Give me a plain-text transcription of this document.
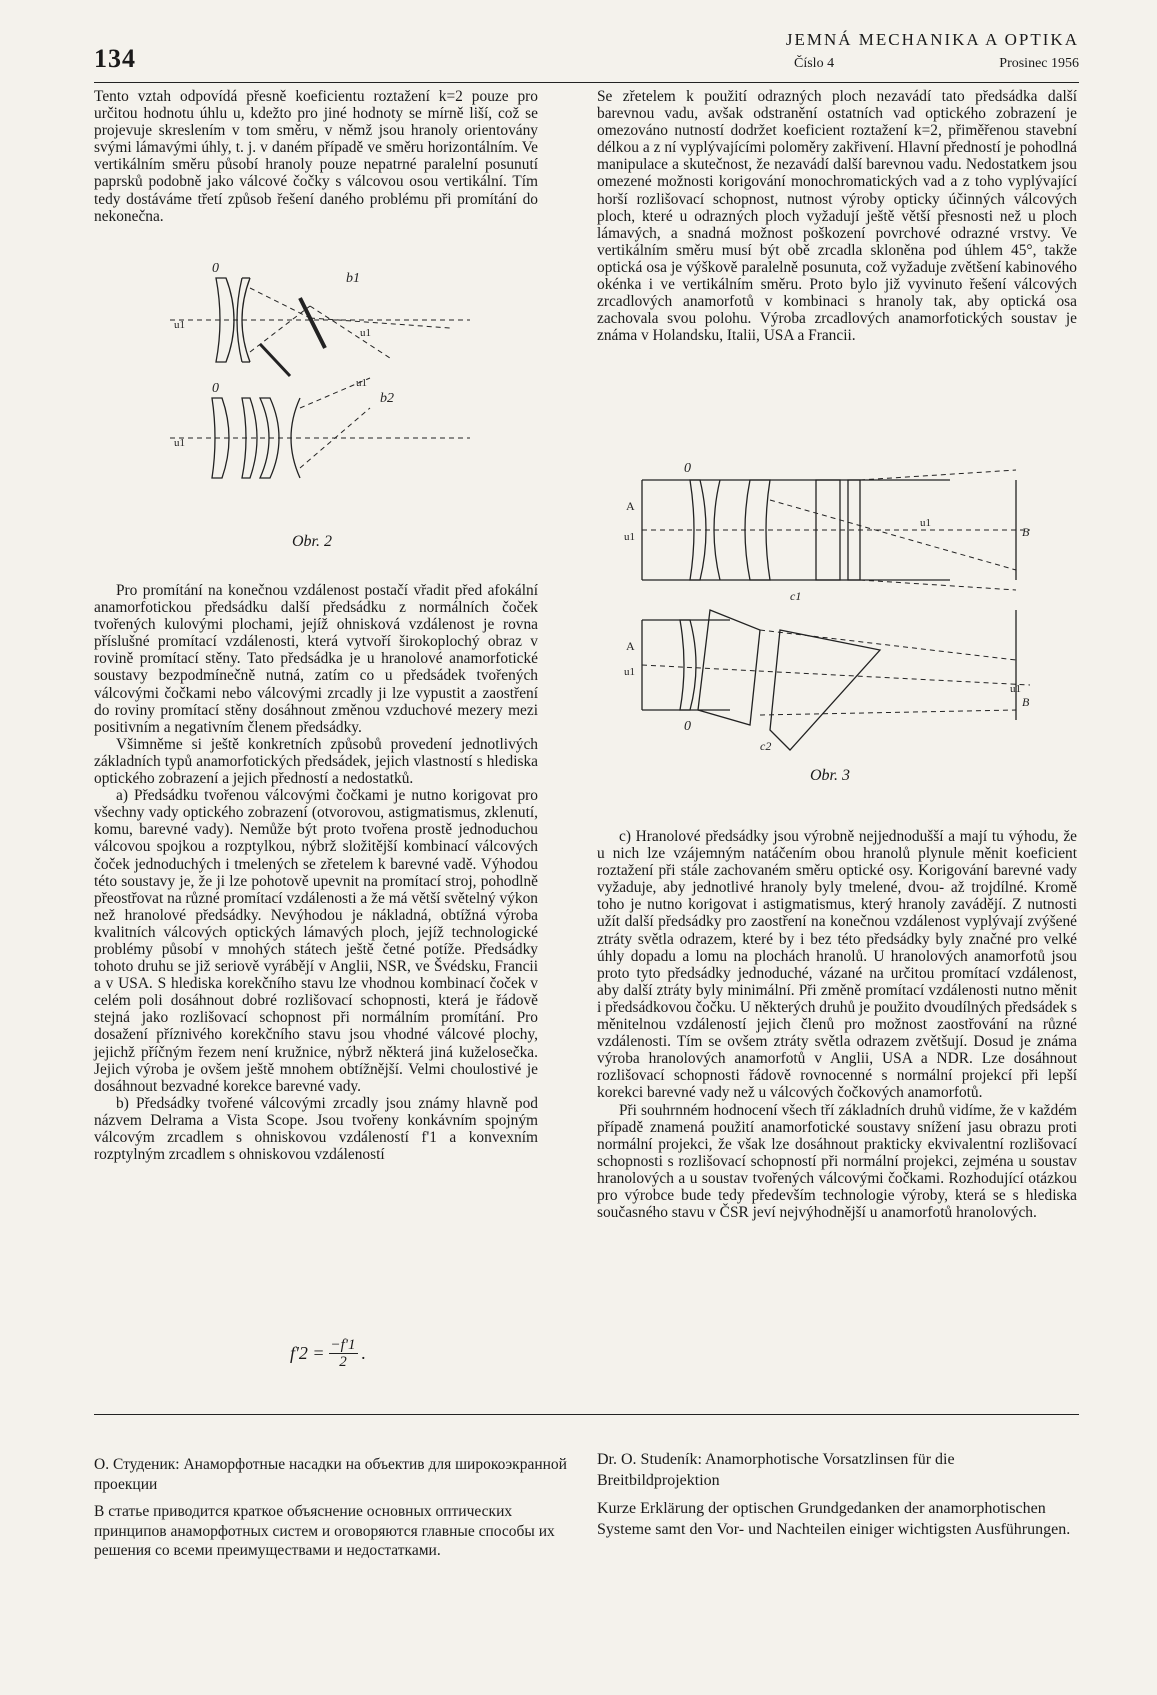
134
JEMNÁ MECHANIKA A OPTIKA
Číslo 4	Prosinec 1956

Tento vztah odpovídá přesně koeficientu roztažení k=2 pouze pro určitou hodnotu úhlu u, kdežto pro jiné hodnoty se mírně liší, což se projevuje skreslením v tom směru, v němž jsou hranoly orientovány svými lámavými úhly, t. j. v daném případě ve směru horizontálním. Ve vertikálním směru působí hranoly pouze nepatrné paralelní posunutí paprsků podobně jako válcové čočky s válcovou osou vertikální. Tím tedy dostáváme třetí způsob řešení daného problému při promítání do nekonečna.

0
b1
u1
u1
0	u1
b2
u1
Obr. 2

Pro promítání na konečnou vzdálenost postačí vřadit před afokální anamorfotickou předsádku další předsádku z normálních čoček tvořených kulovými plochami, jejíž ohnisková vzdálenost je rovna příslušné promítací vzdálenosti, která vytvoří širokoplochý obraz v rovině promítací stěny. Tato předsádka je u hranolové anamorfotické soustavy bezpodmínečně nutná, zatím co u předsádek tvořených válcovými čočkami nebo válcovými zrcadly ji lze vypustit a zaostření do roviny promítací stěny dosáhnout změnou vzduchové mezery mezi positivním a negativním členem předsádky.

Všimněme si ještě konkretních způsobů provedení jednotlivých základních typů anamorfotických předsádek, jejich vlastností s hlediska optického zobrazení a jejich předností a nedostatků.

a) Předsádku tvořenou válcovými čočkami je nutno korigovat pro všechny vady optického zobrazení (otvorovou, astigmatismus, zklenutí, komu, barevné vady). Nemůže být proto tvořena prostě jednoduchou válcovou spojkou a rozptylkou, nýbrž složitější kombinací válcových čoček jednoduchých i tmelených se zřetelem k barevné vadě. Výhodou této soustavy je, že ji lze pohotově upevnit na promítací stroj, pohodlně přeostřovat na různé promítací vzdálenosti a že má větší světelný výkon než hranolové předsádky. Nevýhodou je nákladná, obtížná výroba kvalitních válcových optických lámavých ploch, jejíž technologické problémy působí v mnohých státech ještě četné potíže. Předsádky tohoto druhu se již seriově vyrábějí v Anglii, NSR, ve Švédsku, Francii a v USA. S hlediska korekčního stavu lze vhodnou kombinací čoček v celém poli dosáhnout dobré rozlišovací schopnosti, která je řádově stejná jako rozlišovací schopnost při normálním promítání. Pro dosažení příznivého korekčního stavu jsou vhodné válcové plochy, jejichž příčným řezem není kružnice, nýbrž některá jiná kuželosečka. Jejich výroba je ovšem ještě mnohem obtížnější. Velmi choulostivé je dosáhnout bezvadné korekce barevné vady.

b) Předsádky tvořené válcovými zrcadly jsou známy hlavně pod názvem Delrama a Vista Scope. Jsou tvořeny konkávním spojným válcovým zrcadlem s ohniskovou vzdáleností f'1 a konvexním rozptylným zrcadlem s ohniskovou vzdáleností

$f'2 = \frac{-f'1}{2}$ .

Se zřetelem k použití odrazných ploch nezavádí tato předsádka další barevnou vadu, avšak odstranění ostatních vad optického zobrazení je omezováno nutností dodržet koeficient roztažení k=2, přiměřenou stavební délkou a z ní vyplývajícími poloměry zakřivení. Hlavní předností je pohodlná manipulace a skutečnost, že nezavádí další barevnou vadu. Nedostatkem jsou omezené možnosti korigování monochromatických vad a z toho vyplývající horší rozlišovací schopnost, nutnost výroby opticky účinných válcových ploch, které u odrazných ploch vyžadují ještě větší přesnosti než u ploch lámavých, a snadná možnost poškození povrchové odrazné vrstvy. Ve vertikálním směru musí být obě zrcadla skloněna pod úhlem 45°, takže optická osa je výškově paralelně posunuta, což vyžaduje zvětšení kabinového okénka i ve vertikálním směru. Proto bylo již vyvinuto řešení válcových zrcadlových anamorfotů v kombinaci s hranoly tak, aby optická osa zachovala svou polohu. Výroba zrcadlových anamorfotických soustav je známa v Holandsku, Italii, USA a Francii.

0
A
u1
c1
u1
B
A
u1
0
c2
u1
B
Obr. 3

c) Hranolové předsádky jsou výrobně nejjednodušší a mají tu výhodu, že u nich lze vzájemným natáčením obou hranolů plynule měnit koeficient roztažení při stále zachovaném směru optické osy. Korigování barevné vady vyžaduje, aby jednotlivé hranoly byly tmelené, dvou- až trojdílné. Kromě toho je nutno korigovat i astigmatismus, který hranoly zavádějí. Z nutnosti užít další předsádky pro zaostření na konečnou vzdálenost vyplývají zvýšené ztráty světla odrazem, které by i bez této předsádky byly značné pro velké úhly dopadu a lomu na plochách hranolů. U hranolových anamorfotů jsou proto tyto předsádky jednoduché, vázané na určitou promítací vzdálenost, aby další ztráty byly minimální. Při změně promítací vzdálenosti nutno měnit i předsádkovou čočku. U některých druhů je použito dvoudílných předsádek s měnitelnou vzdáleností jejich členů pro možnost zaostřování na různé vzdálenosti. Tím se ovšem ztráty světla odrazem zvětšují. Dosud je známa výroba hranolových anamorfotů v Anglii, USA a NDR. Lze dosáhnout rozlišovací schopnosti řádově rovnocenné s normální projekcí při lepší korekci barevné vady než u válcových čočkových anamorfotů.

Při souhrnném hodnocení všech tří základních druhů vidíme, že v každém případě znamená použití anamorfotické soustavy snížení jasu obrazu proti normální projekci, že však lze dosáhnout prakticky ekvivalentní rozlišovací schopnosti s rozlišovací schopností při normální projekci, zejména u soustav hranolových a u soustav tvořených válcovými čočkami. Rozhodující otázkou pro výrobce bude tedy především technologie výroby, která se s hlediska současného stavu v ČSR jeví nejvýhodnější u anamorfotů hranolových.

О. Студеник: Анаморфотные насадки на объектив для широкоэкранной проекции

В статье приводится краткое объяснение основных оптических принципов анаморфотных систем и оговоряются главные способы их решения со всеми преимуществами и недостатками.

Dr. O. Studeník: Anamorphotische Vorsatzlinsen für die Breitbildprojektion

Kurze Erklärung der optischen Grundgedanken der anamorphotischen Systeme samt den Vor- und Nachteilen einiger wichtigsten Ausführungen.
